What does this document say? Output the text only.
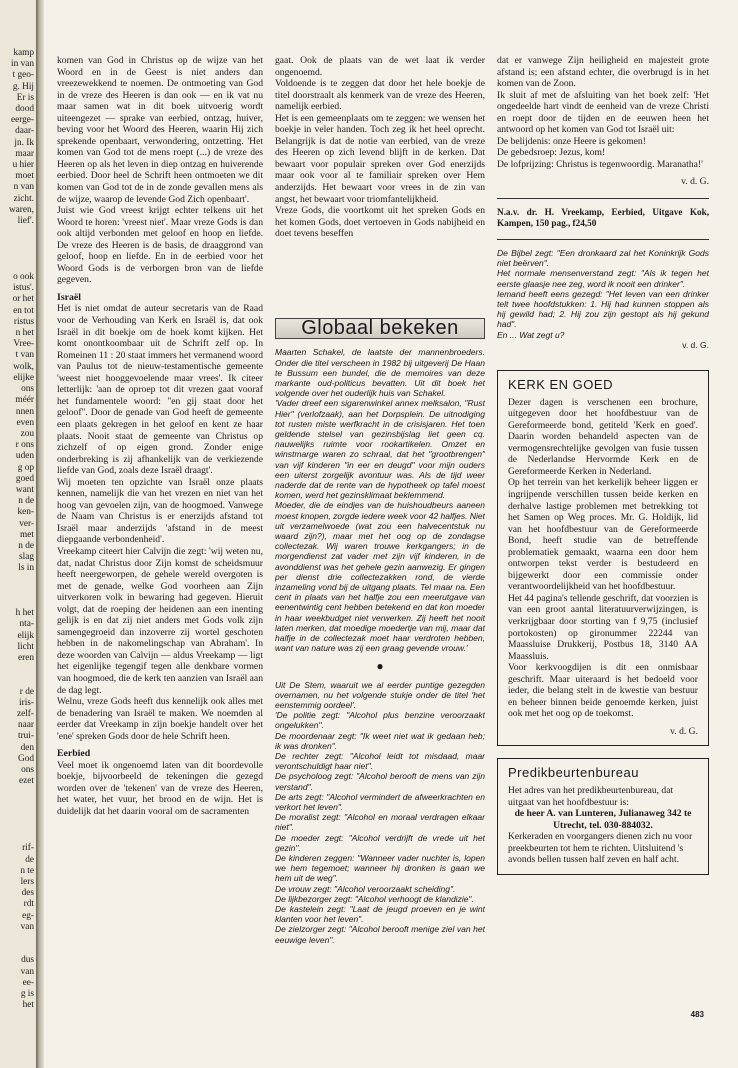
kamp
in van
t geo-
g. Hij
Er is
dood
eerge-
daar-
jn. Ik
maar
u hier
moet
n van
zicht.
waren,
lief'.

o ook
istus'.
or het
en tot
ristus
n het
Vree-
t van
wolk,
elijke
ons
méér
nnen
even
zou
r ons
uden
g op
goed
want
n de
ken-
ver-
met
n de
slag
ls in

h het
nta-
elijk
licht
eren

r de
iris-
zelf-
naar
trui-
den
God
ons
ezet

rif-
de
n te
lers
des
rdt
eg-
van

dus
van
ee-
g is
het

komen van God in Christus op de wijze van het Woord en in de Geest is niet anders dan vreezewekkend te noemen. De ontmoeting van God in de vreze des Heeren is dan ook — en ik vat nu maar samen wat in dit boek uitvoerig wordt uiteengezet — sprake van eerbied, ontzag, huiver, beving voor het Woord des Heeren, waarin Hij zich sprekende openbaart, verwondering, ontzetting. 'Het komen van God tot de mens roept (...) de vreze des Heeren op als het leven in diep ontzag en huiverende eerbied. Door heel de Schrift heen ontmoeten we dit komen van God tot de in de zonde gevallen mens als de wijze, waarop de levende God Zich openbaart'.

Juist wie God vreest krijgt echter telkens uit het Woord te horen: 'vreest niet'. Maar vreze Gods is dan ook altijd verbonden met geloof en hoop en liefde. De vreze des Heeren is de basis, de draaggrond van geloof, hoop en liefde. En in de eerbied voor het Woord Gods is de verborgen bron van de liefde gegeven.

Israël

Het is niet omdat de auteur secretaris van de Raad voor de Verhouding van Kerk en Israël is, dat ook Israël in dit boekje om de hoek komt kijken. Het komt onontkoombaar uit de Schrift zelf op. In Romeinen 11 : 20 staat immers het vermanend woord van Paulus tot de nieuw-testamentische gemeente 'weest niet hooggevoelende maar vrees'. Ik citeer letterlijk: 'aan de oproep tot dit vrezen gaat vooraf het fundamentele woord: "en gij staat door het geloof". Door de genade van God heeft de gemeente een plaats gekregen in het geloof en kent ze haar plaats. Nooit staat de gemeente van Christus op zichzelf of op eigen grond. Zonder enige onderbreking is zij afhankelijk van de verkiezende liefde van God, zoals deze Israël draagt'.

Wij moeten ten opzichte van Israël onze plaats kennen, namelijk die van het vrezen en niet van het hoog van gevoelen zijn, van de hoogmoed. Vanwege de Naam van Christus is er enerzijds afstand tot Israël maar anderzijds 'afstand in de meest diepgaande verbondenheid'.

Vreekamp citeert hier Calvijn die zegt: 'wij weten nu, dat, nadat Christus door Zijn komst de scheidsmuur heeft neergeworpen, de gehele wereld overgoten is met de genade, welke God voorheen aan Zijn uitverkoren volk in bewaring had gegeven. Hieruit volgt, dat de roeping der heidenen aan een inenting gelijk is en dat zij niet anders met Gods volk zijn samengegroeid dan inzoverre zij wortel geschoten hebben in de nakomelingschap van Abraham'. In deze woorden van Calvijn — aldus Vreekamp — ligt het eigenlijke tegengif tegen alle denkbare vormen van hoogmoed, die de kerk ten aanzien van Israël aan de dag legt.

Welnu, vreze Gods heeft dus kennelijk ook alles met de benadering van Israël te maken. We noemden al eerder dat Vreekamp in zijn boekje handelt over het 'ene' spreken Gods door de hele Schrift heen.

Eerbied

Veel moet ik ongenoemd laten van dit boordevolle boekje, bijvoorbeeld de tekeningen die gezegd worden over de 'tekenen' van de vreze des Heeren, het water, het vuur, het brood en de wijn. Het is duidelijk dat het daarin vooral om de sacramenten

gaat. Ook de plaats van de wet laat ik verder ongenoemd.

Voldoende is te zeggen dat door het hele boekje de titel doorstraalt als kenmerk van de vreze des Heeren, namelijk eerbied.

Het is een gemeenplaats om te zeggen: we wensen het boekje in veler handen. Toch zeg ik het heel oprecht. Belangrijk is dat de notie van eerbied, van de vreze des Heeren op zich levend blijft in de kerken. Dat bewaart voor populair spreken over God enerzijds maar ook voor al te familiair spreken over Hem anderzijds. Het bewaart voor vrees in de zin van angst, het bewaart voor triomfantelijkheid.

Vreze Gods, die voortkomt uit het spreken Gods en het komen Gods, doet vertoeven in Gods nabijheid en doet tevens beseffen

Globaal bekeken

Maarten Schakel, de laatste der mannenbroeders. Onder die titel verscheen in 1982 bij uitgeverij De Haan te Bussum een bundel, die de memoires van deze markante oud-politicus bevatten. Uit dit boek het volgende over het ouderlijk huis van Schakel.

'Vader dreef een sigarenwinkel annex melksalon, "Rust Hier" (verlofzaak), aan het Dorpsplein. De uitnodiging tot rusten miste werfkracht in de crisisjaren. Het toen geldende stelsel van gezinsbijslag liet geen cq. nauwelijks ruimte voor rookartikelen. Omzet en winstmarge waren zo schraal, dat het "grootbrengen" van vijf kinderen "in eer en deugd" voor mijn ouders een uiterst zorgelijk avontuur was. Als de tijd weer naderde dat de rente van de hypotheek op tafel moest komen, werd het gezinsklimaat beklemmend.

Moeder, die de eindjes van de huishoudbeurs aaneen moest knopen, zorgde iedere week voor 42 halfjes. Niet uit verzamelwoede (wat zou een halvecentstuk nu waard zijn?), maar met het oog op de zondagse collectezak. Wij waren trouwe kerkgangers; in de morgendienst zat vader met zijn vijf kinderen, in de avonddienst was het gehele gezin aanwezig. Er gingen per dienst drie collectezakken rond, de vierde inzameling vond bij de uitgang plaats. Tel maar na. Een cent in plaats van het halfje zou een meerutgave van eenentwintig cent hebben betekend en dat kon moeder in haar weekbudget niet verwerken. Zij heeft het nooit laten merken, dat moedige moedertje van mij, maar dat halfje in de collectezak moet haar verdroten hebben, want van nature was zij een graag gevende vrouw.'

●

Uit De Stem, waaruit we al eerder puntige gezegden overnamen, nu het volgende stukje onder de titel 'het eenstemmig oordeel'.

'De politie zegt: "Alcohol plus benzine veroorzaakt ongelukken".

De moordenaar zegt: "Ik weet niet wat ik gedaan heb; ik was dronken".

De rechter zegt: "Alcohol leidt tot misdaad, maar verontschuldigt haar niet".

De psycholoog zegt: "Alcohol berooft de mens van zijn verstand".

De arts zegt: "Alcohol vermindert de afweerkrachten en verkort het leven".

De moralist zegt: "Alcohol en moraal verdragen elkaar niet".

De moeder zegt: "Alcohol verdrijft de vrede uit het gezin".

De kinderen zeggen: "Wanneer vader nuchter is, lopen we hem tegemoet; wanneer hij dronken is gaan we hem uit de weg".

De vrouw zegt: "Alcohol veroorzaakt scheiding".

De lijkbezorger zegt: "Alcohol verhoogt de klandizie".

De kastelein zegt: "Laat de jeugd proeven en je wint klanten voor het leven".

De zielzorger zegt: "Alcohol berooft menige ziel van het eeuwige leven".

dat er vanwege Zijn heiligheid en majesteit grote afstand is; een afstand echter, die overbrugd is in het komen van de Zoon.

Ik sluit af met de afsluiting van het boek zelf: 'Het ongedeelde hart vindt de eenheid van de vreze Christi en roept door de tijden en de eeuwen heen het antwoord op het komen van God tot Israël uit:

De belijdenis: onze Heere is gekomen!

De gebedsroep: Jezus, kom!

De lofprijzing: Christus is tegenwoordig. Maranatha!'

v. d. G.

N.a.v. dr. H. Vreekamp, Eerbied, Uitgave Kok, Kampen, 150 pag., f24,50

De Bijbel zegt: "Een dronkaard zal het Koninkrijk Gods niet beërven".

Het normale mensenverstand zegt: "Als ik tegen het eerste glaasje nee zeg, word ik nooit een drinker".

Iemand heeft eens gezegd: "Het leven van een drinker telt twee hoofdstukken: 1. Hij had kunnen stoppen als hij gewild had; 2. Hij zou zijn gestopt als hij gekund had".

En ... Wat zegt u?

v. d. G.
KERK EN GOED

Dezer dagen is verschenen een brochure, uitgegeven door het hoofdbestuur van de Gereformeerde bond, getiteld 'Kerk en goed'. Daarin worden behandeld aspecten van de vermogensrechtelijke gevolgen van fusie tussen de Nederlandse Hervormde Kerk en de Gereformeerde Kerken in Nederland.

Op het terrein van het kerkelijk beheer liggen er ingrijpende verschillen tussen beide kerken en derhalve lastige problemen met betrekking tot het Samen op Weg proces. Mr. G. Holdijk, lid van het hoofdbestuur van de Gereformeerde Bond, heeft studie van de betreffende problematiek gemaakt, waarna een door hem ontworpen tekst verder is bestudeerd en bijgewerkt door een commissie onder verantwoordelijkheid van het hoofdbestuur.

Het 44 pagina's tellende geschrift, dat voorzien is van een groot aantal literatuurverwijzingen, is verkrijgbaar door storting van f 9,75 (inclusief portokosten) op gironummer 22244 van Maassluise Drukkerij, Postbus 18, 3140 AA Maassluis.

Voor kerkvoogdijen is dit een onmisbaar geschrift. Maar uiteraard is het bedoeld voor ieder, die belang stelt in de kwestie van bestuur en beheer binnen beide genoemde kerken, juist ook met het oog op de toekomst.

v. d. G.
Predikbeurtenbureau

Het adres van het predikbeurtenbureau, dat uitgaat van het hoofdbestuur is:

de heer A. van Lunteren, Julianaweg 342 te Utrecht, tel. 030-884032.

Kerkeraden en voorgangers dienen zich nu voor preekbeurten tot hem te richten. Uitsluitend 's avonds bellen tussen half zeven en half acht.

483
